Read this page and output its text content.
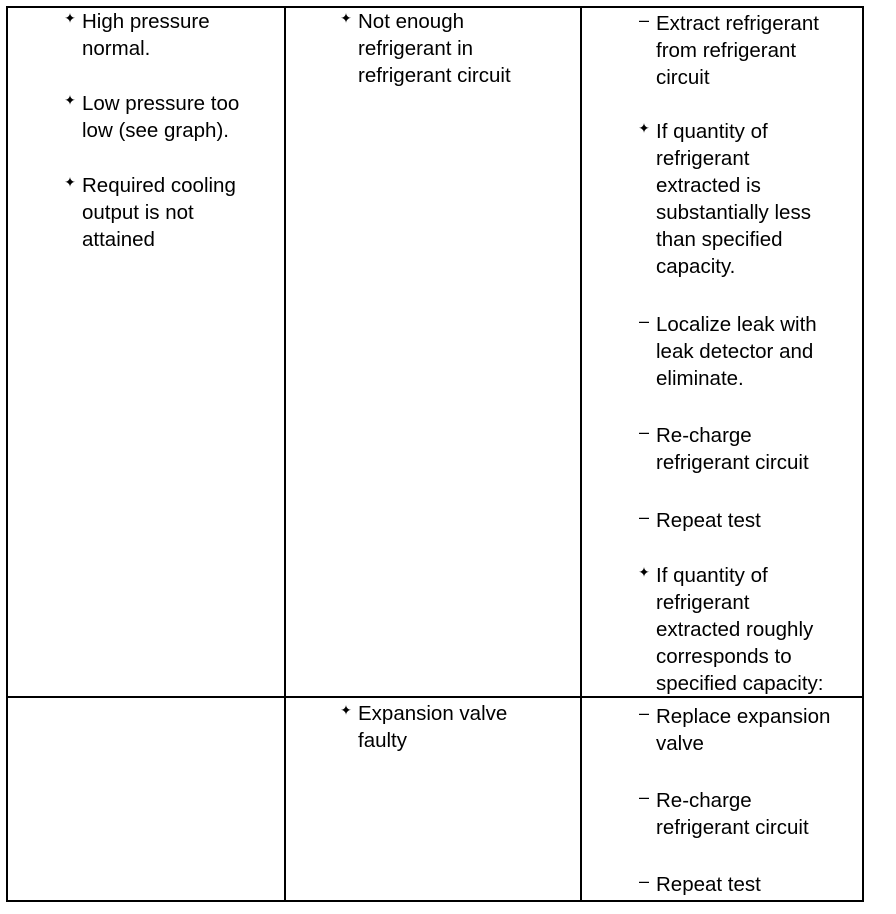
✦ High pressure
normal.
✦ Low pressure too
low (see graph).
✦ Required cooling
output is not
attained
✦ Not enough
refrigerant in
refrigerant circuit
– Extract refrigerant
from refrigerant
circuit
✦ If quantity of
refrigerant
extracted is
substantially less
than specified
capacity.
– Localize leak with
leak detector and
eliminate.
– Re-charge
refrigerant circuit
– Repeat test
✦ If quantity of
refrigerant
extracted roughly
corresponds to
specified capacity:
✦ Expansion valve
faulty
– Replace expansion
valve
– Re-charge
refrigerant circuit
– Repeat test
